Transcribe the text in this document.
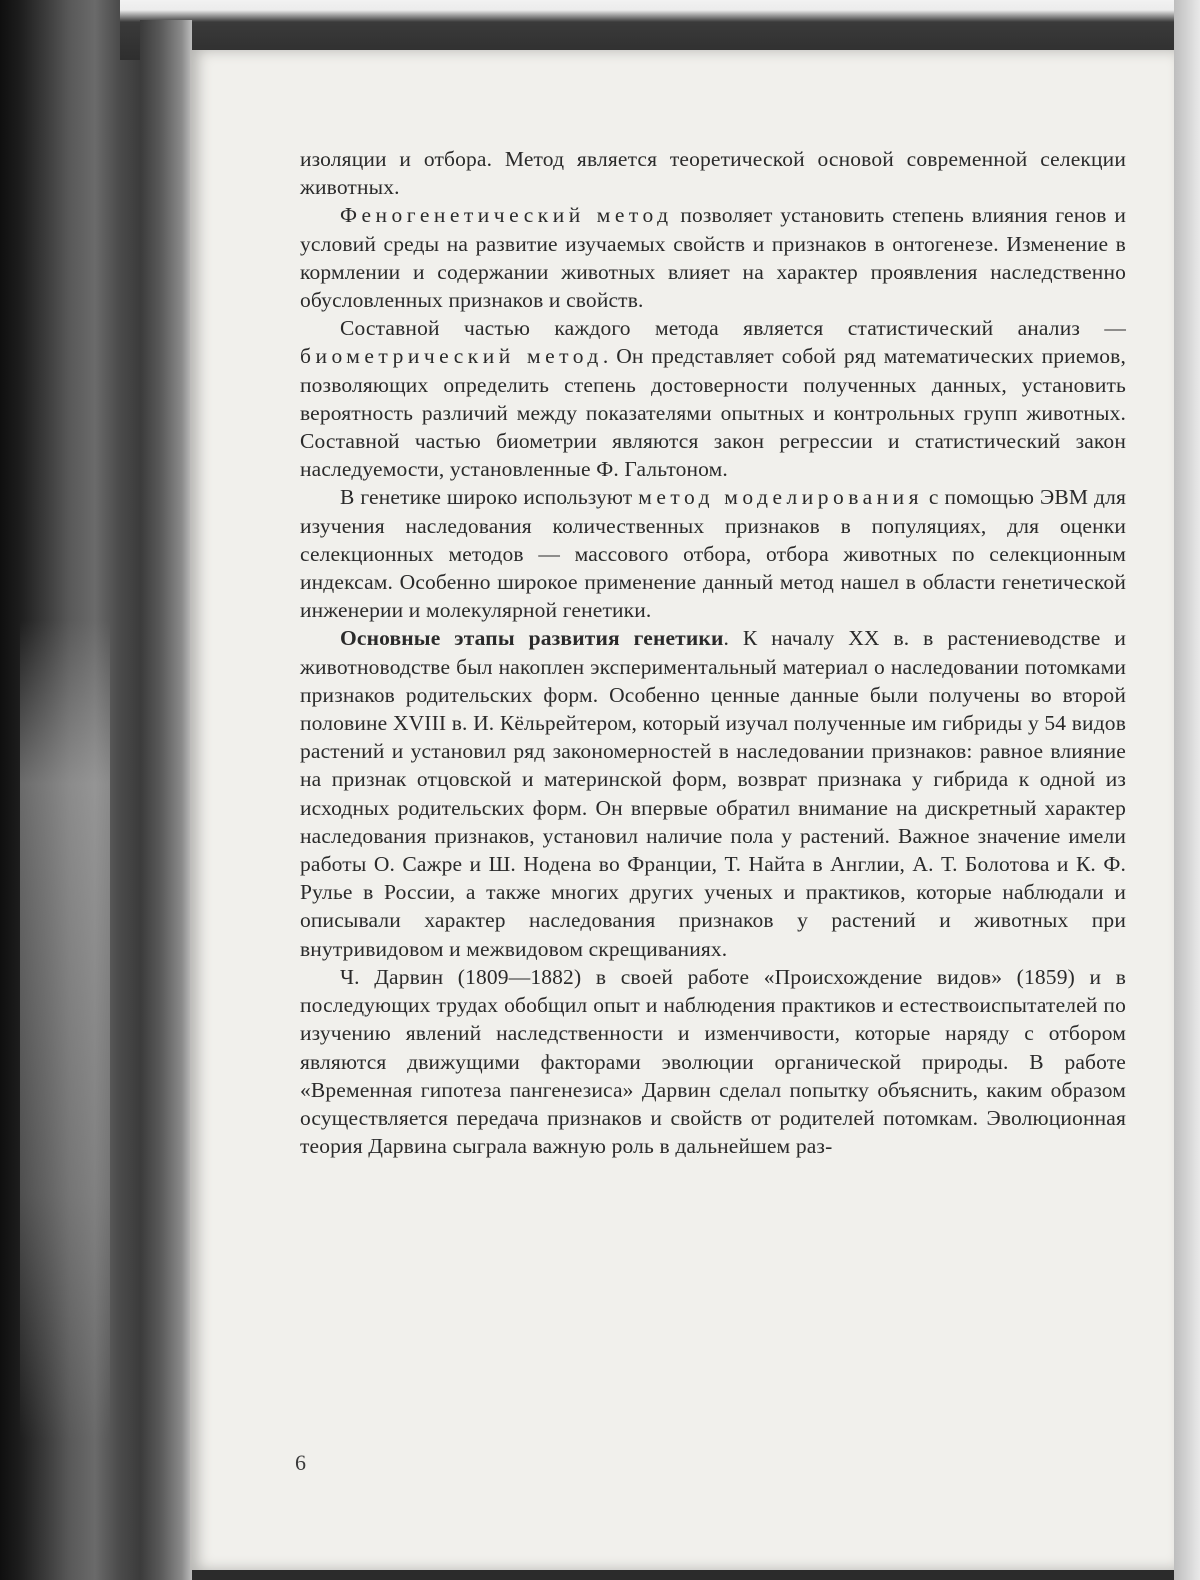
изоляции и отбора. Метод является теоретической основой современной селекции животных.

Феногенетический метод позволяет установить степень влияния генов и условий среды на развитие изучаемых свойств и признаков в онтогенезе. Изменение в кормлении и содержании животных влияет на характер проявления наследственно обусловленных признаков и свойств.

Составной частью каждого метода является статистический анализ — биометрический метод. Он представляет собой ряд математических приемов, позволяющих определить степень достоверности полученных данных, установить вероятность различий между показателями опытных и контрольных групп животных. Составной частью биометрии являются закон регрессии и статистический закон наследуемости, установленные Ф. Гальтоном.

В генетике широко используют метод моделирования с помощью ЭВМ для изучения наследования количественных признаков в популяциях, для оценки селекционных методов — массового отбора, отбора животных по селекционным индексам. Особенно широкое применение данный метод нашел в области генетической инженерии и молекулярной генетики.

Основные этапы развития генетики. К началу XX в. в растениеводстве и животноводстве был накоплен экспериментальный материал о наследовании потомками признаков родительских форм. Особенно ценные данные были получены во второй половине XVIII в. И. Кёльрейтером, который изучал полученные им гибриды у 54 видов растений и установил ряд закономерностей в наследовании признаков: равное влияние на признак отцовской и материнской форм, возврат признака у гибрида к одной из исходных родительских форм. Он впервые обратил внимание на дискретный характер наследования признаков, установил наличие пола у растений. Важное значение имели работы О. Сажре и Ш. Нодена во Франции, Т. Найта в Англии, А. Т. Болотова и К. Ф. Рулье в России, а также многих других ученых и практиков, которые наблюдали и описывали характер наследования признаков у растений и животных при внутривидовом и межвидовом скрещиваниях.

Ч. Дарвин (1809—1882) в своей работе «Происхождение видов» (1859) и в последующих трудах обобщил опыт и наблюдения практиков и естествоиспытателей по изучению явлений наследственности и изменчивости, которые наряду с отбором являются движущими факторами эволюции органической природы. В работе «Временная гипотеза пангенезиса» Дарвин сделал попытку объяснить, каким образом осуществляется передача признаков и свойств от родителей потомкам. Эволюционная теория Дарвина сыграла важную роль в дальнейшем раз-

6
